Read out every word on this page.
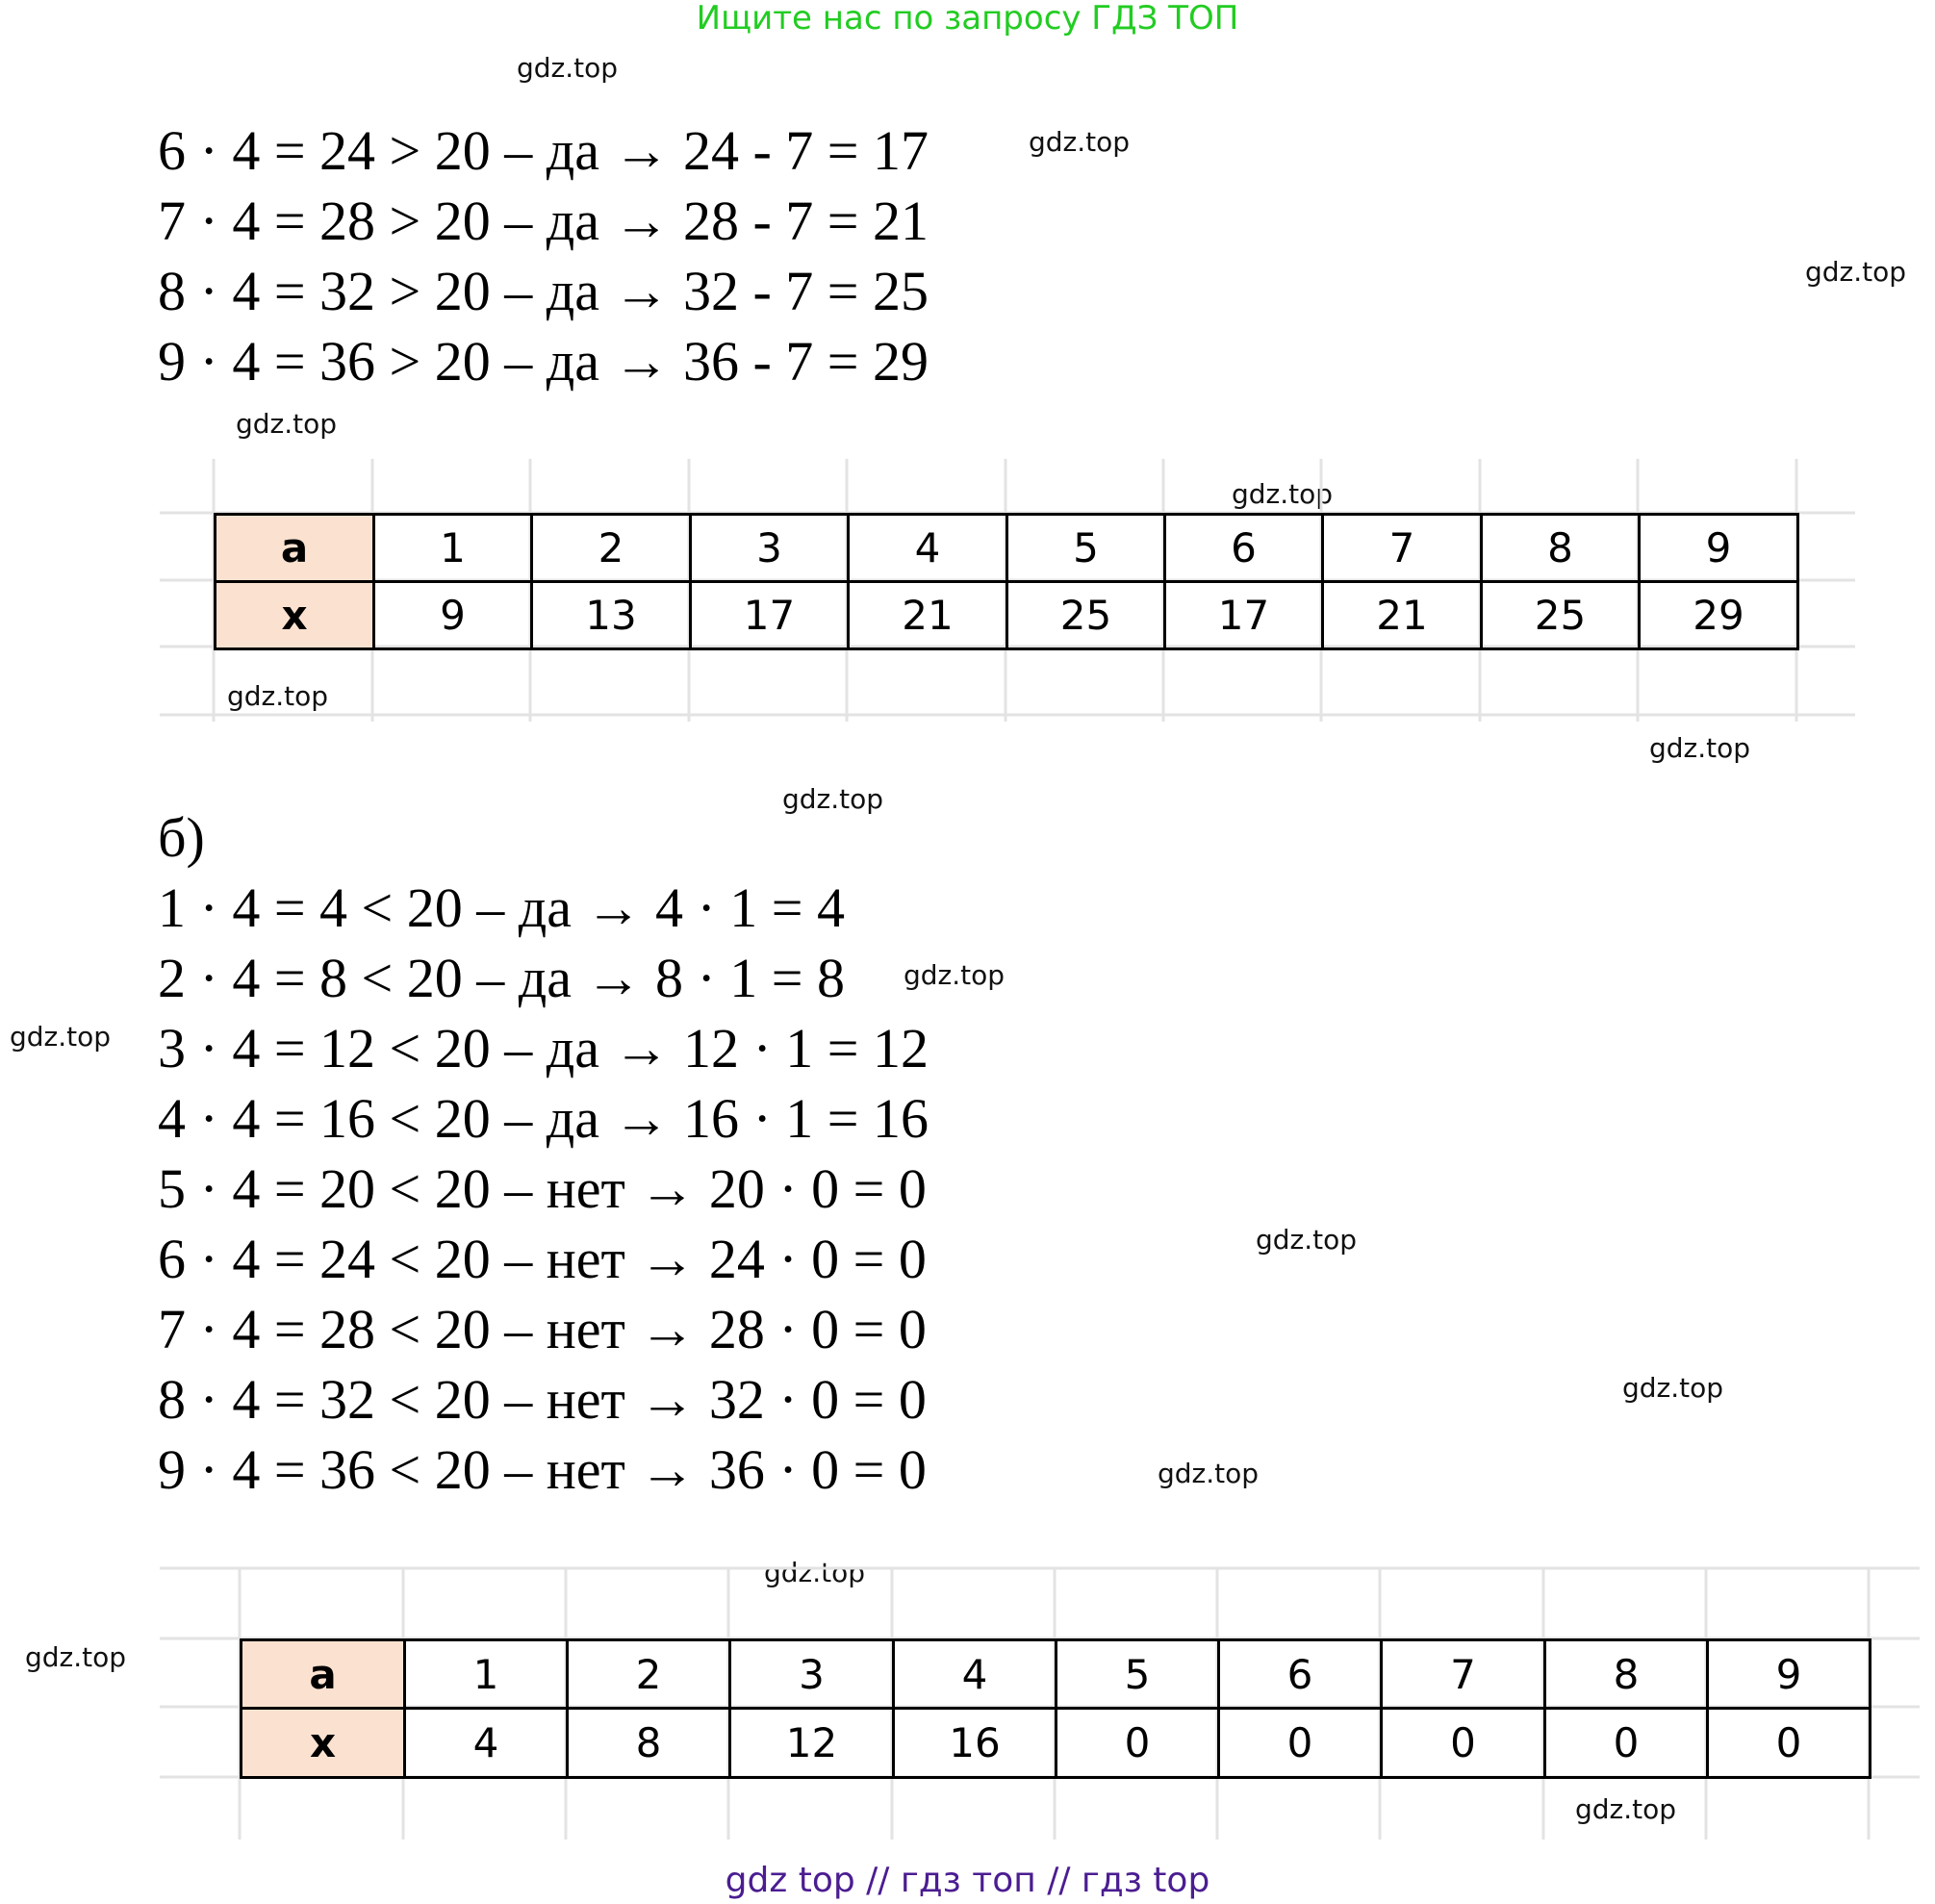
Ищите нас по запросу ГДЗ ТОП
gdz.top
gdz.top
gdz.top
gdz.top
gdz.top
gdz.top
gdz.top
gdz.top
gdz.top
gdz.top
gdz.top
gdz.top
gdz.top
gdz.top
gdz.top
gdz.top
6 · 4 = 24 > 20 – да → 24 - 7 = 17
7 · 4 = 28 > 20 – да → 28 - 7 = 21
8 · 4 = 32 > 20 – да → 32 - 7 = 25
9 · 4 = 36 > 20 – да → 36 - 7 = 29
a	1	2	3	4	5	6	7	8	9
x	9	13	17	21	25	17	21	25	29
б)
1 · 4 = 4 < 20 – да → 4 · 1 = 4
2 · 4 = 8 < 20 – да → 8 · 1 = 8
3 · 4 = 12 < 20 – да → 12 · 1 = 12
4 · 4 = 16 < 20 – да → 16 · 1 = 16
5 · 4 = 20 < 20 – нет → 20 · 0 = 0
6 · 4 = 24 < 20 – нет → 24 · 0 = 0
7 · 4 = 28 < 20 – нет → 28 · 0 = 0
8 · 4 = 32 < 20 – нет → 32 · 0 = 0
9 · 4 = 36 < 20 – нет → 36 · 0 = 0
a	1	2	3	4	5	6	7	8	9
x	4	8	12	16	0	0	0	0	0
gdz top // гдз топ // гдз top
